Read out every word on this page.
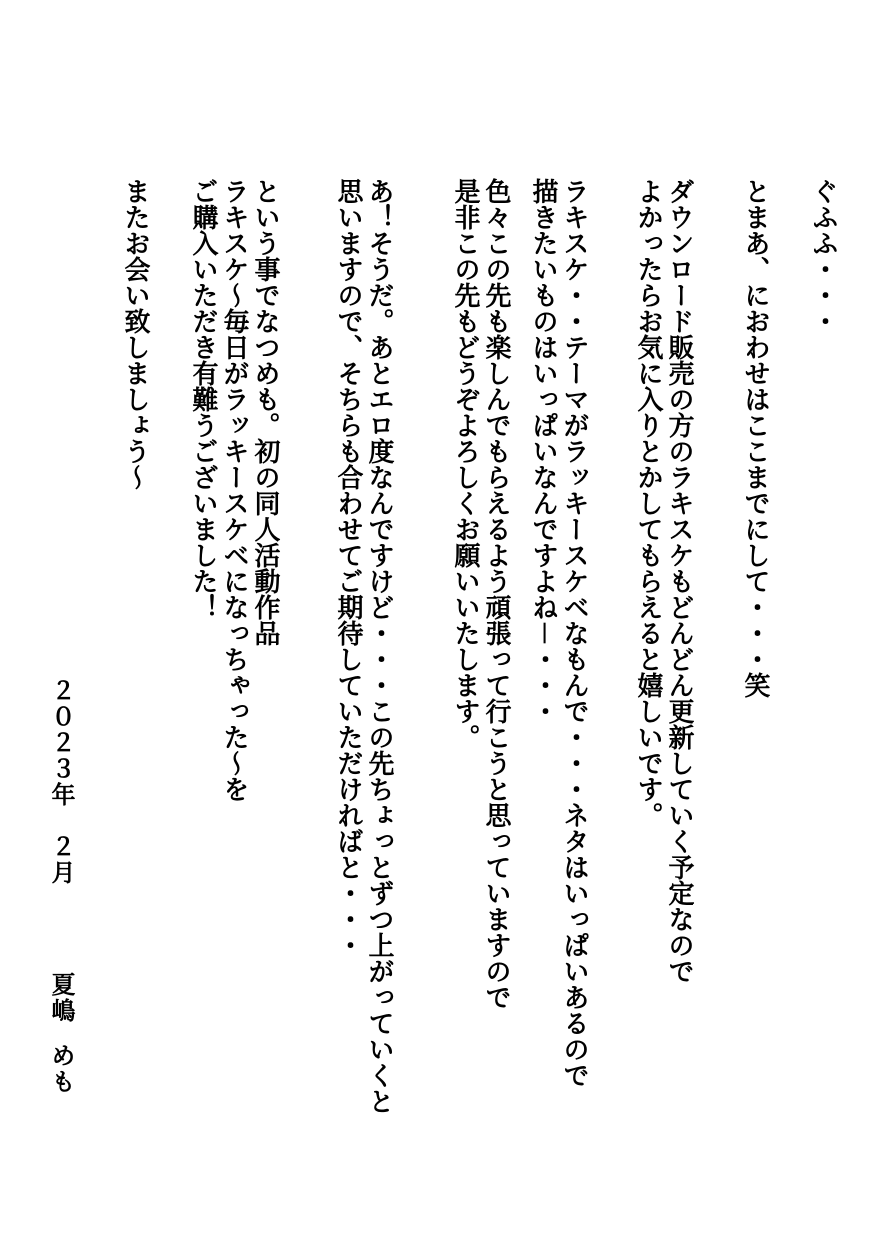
ぐふふ・・・
とまあ、におわせはここまでにして・・・笑
ダウンロード販売の方のラキスケもどんどん更新していく予定なので
よかったらお気に入りとかしてもらえると嬉しいです。
ラキスケ・・テーマがラッキースケベなもんで・・・ネタはいっぱいあるので
描きたいものはいっぱいなんですよね－・・・
色々この先も楽しんでもらえるよう頑張って行こうと思っていますので
是非この先もどうぞよろしくお願いいたします。
あ！そうだ。あとエロ度なんですけど・・・この先ちょっとずつ上がっていくと
思いますので、そちらも合わせてご期待していただければと・・・
という事でなつめも。初の同人活動作品
ラキスケ～毎日がラッキースケベになっちゃった～を
ご購入いただき有難うございました！
またお会い致しましょう～
２０２３年　２月
夏嶋
めも
